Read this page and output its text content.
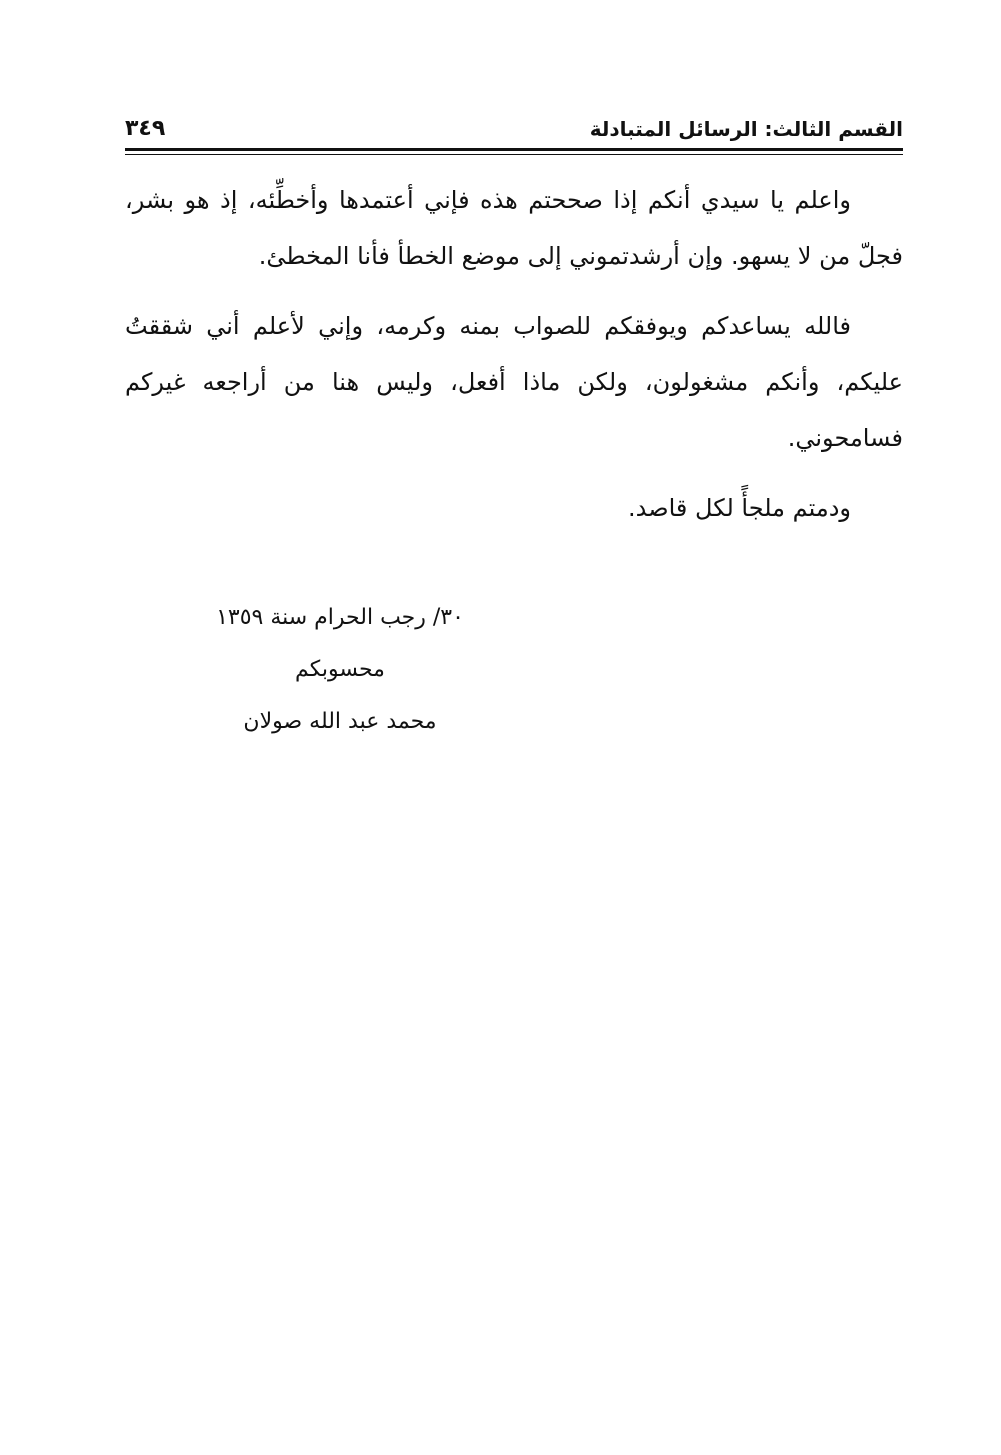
القسم الثالث: الرسائل المتبادلة
٣٤٩

واعلم يا سيدي أنكم إذا صححتم هذه فإني أعتمدها وأخطِّئه، إذ هو بشر، فجلّ من لا يسهو. وإن أرشدتموني إلى موضع الخطأ فأنا المخطئ.

فالله يساعدكم ويوفقكم للصواب بمنه وكرمه، وإني لأعلم أني شققتُ عليكم، وأنكم مشغولون، ولكن ماذا أفعل، وليس هنا من أراجعه غيركم فسامحوني.

ودمتم ملجأً لكل قاصد.

٣٠/ رجب الحرام سنة ١٣٥٩
محسوبكم
محمد عبد الله صولان
